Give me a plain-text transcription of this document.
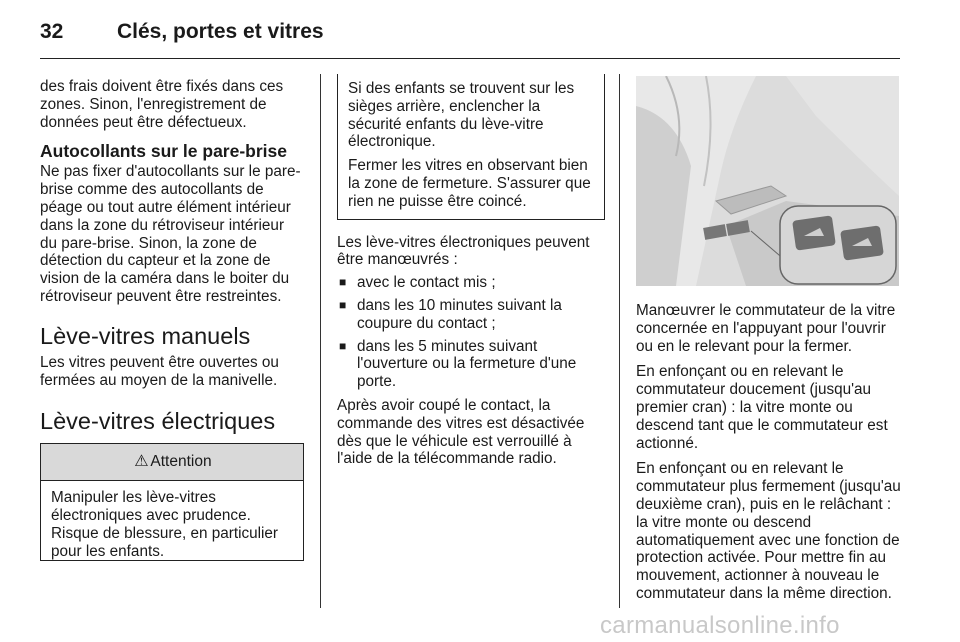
32	Clés, portes et vitres

des frais doivent être fixés dans ces zones. Sinon, l'enregistrement de données peut être défectueux.

Autocollants sur le pare-brise

Ne pas fixer d'autocollants sur le pare-brise comme des autocollants de péage ou tout autre élément intérieur dans la zone du rétroviseur intérieur du pare-brise. Sinon, la zone de détection du capteur et la zone de vision de la caméra dans le boiter du rétroviseur peuvent être restreintes.

Lève-vitres manuels

Les vitres peuvent être ouvertes ou fermées au moyen de la manivelle.

Lève-vitres électriques
⚠ Attention

Manipuler les lève-vitres électroniques avec prudence. Risque de blessure, en particulier pour les enfants.

Si des enfants se trouvent sur les sièges arrière, enclencher la sécurité enfants du lève-vitre électronique.

Fermer les vitres en observant bien la zone de fermeture. S'assurer que rien ne puisse être coincé.

Les lève-vitres électroniques peuvent être manœuvrés :

■ avec le contact mis ;
■ dans les 10 minutes suivant la coupure du contact ;
■ dans les 5 minutes suivant l'ouverture ou la fermeture d'une porte.

Après avoir coupé le contact, la commande des vitres est désactivée dès que le véhicule est verrouillé à l'aide de la télécommande radio.

Manœuvrer le commutateur de la vitre concernée en l'appuyant pour l'ouvrir ou en le relevant pour la fermer.

En enfonçant ou en relevant le commutateur doucement (jusqu'au premier cran) : la vitre monte ou descend tant que le commutateur est actionné.

En enfonçant ou en relevant le commutateur plus fermement (jusqu'au deuxième cran), puis en le relâchant : la vitre monte ou descend automatiquement avec une fonction de protection activée. Pour mettre fin au mouvement, actionner à nouveau le commutateur dans la même direction.

carmanualsonline.info
